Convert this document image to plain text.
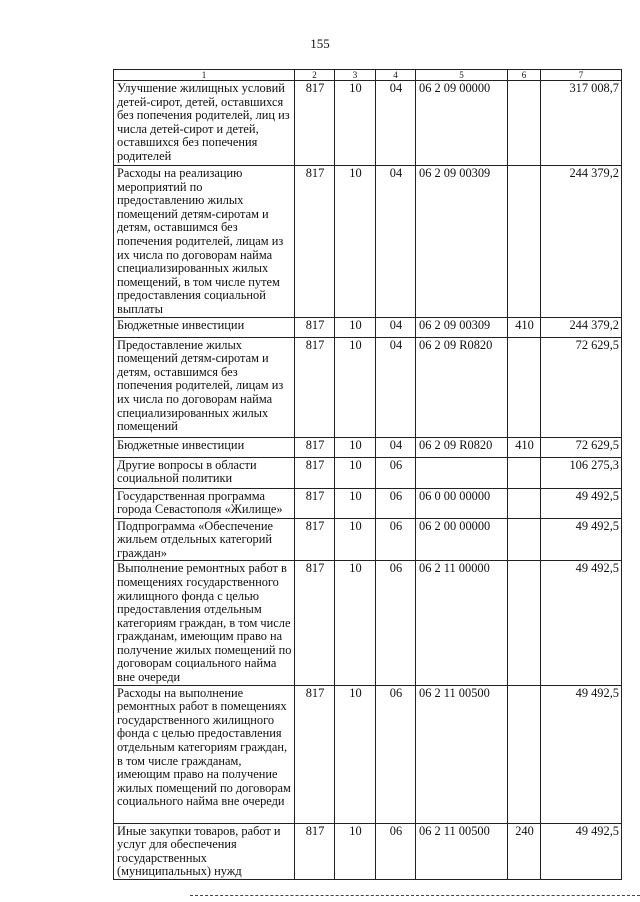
155
1	2	3	4	5	6	7
Улучшение жилищных условий детей-сирот, детей, оставшихся без попечения родителей, лиц из числа детей-сирот и детей, оставшихся без попечения родителей	817	10	04	06 2 09 00000		317 008,7
Расходы на реализацию мероприятий по предоставлению жилых помещений детям-сиротам и детям, оставшимся без попечения родителей, лицам из их числа по договорам найма специализированных жилых помещений, в том числе путем предоставления социальной выплаты	817	10	04	06 2 09 00309		244 379,2
Бюджетные инвестиции	817	10	04	06 2 09 00309	410	244 379,2
Предоставление жилых помещений детям-сиротам и детям, оставшимся без попечения родителей, лицам из их числа по договорам найма специализированных жилых помещений	817	10	04	06 2 09 R0820		72 629,5
Бюджетные инвестиции	817	10	04	06 2 09 R0820	410	72 629,5
Другие вопросы в области социальной политики	817	10	06			106 275,3
Государственная программа города Севастополя «Жилище»	817	10	06	06 0 00 00000		49 492,5
Подпрограмма «Обеспечение жильем отдельных категорий граждан»	817	10	06	06 2 00 00000		49 492,5
Выполнение ремонтных работ в помещениях государственного жилищного фонда с целью предоставления отдельным категориям граждан, в том числе гражданам, имеющим право на получение жилых помещений по договорам социального найма вне очереди	817	10	06	06 2 11 00000		49 492,5
Расходы на выполнение ремонтных работ в помещениях государственного жилищного фонда с целью предоставления отдельным категориям граждан, в том числе гражданам, имеющим право на получение жилых помещений по договорам социального найма вне очереди	817	10	06	06 2 11 00500		49 492,5
Иные закупки товаров, работ и услуг для обеспечения государственных (муниципальных) нужд	817	10	06	06 2 11 00500	240	49 492,5
